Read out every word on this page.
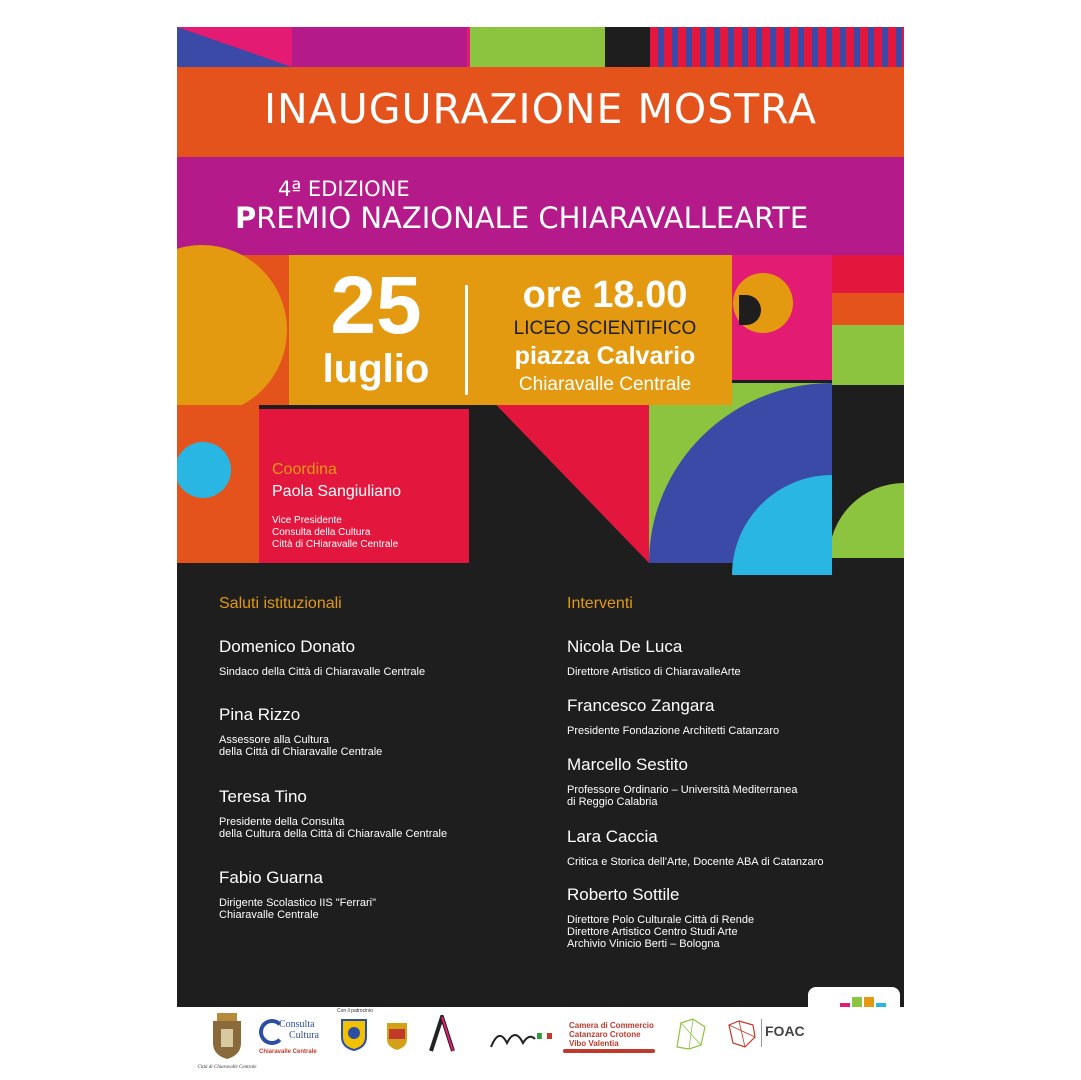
INAUGURAZIONE MOSTRA
4ª EDIZIONE
PREMIO NAZIONALE CHIARAVALLEARTE
25
luglio
ore 18.00
LICEO SCIENTIFICO
piazza Calvario
Chiaravalle Centrale
Coordina
Paola Sangiuliano
Vice Presidente
Consulta della Cultura
Città di CHiaravalle Centrale
Saluti istituzionali
Domenico Donato
Sindaco della Città di Chiaravalle Centrale
Pina Rizzo
Assessore alla Cultura
della Città di Chiaravalle Centrale
Teresa Tino
Presidente della Consulta
della Cultura della Città di Chiaravalle Centrale
Fabio Guarna
Dirigente Scolastico IIS "Ferrari"
Chiaravalle Centrale
Interventi
Nicola De Luca
Direttore Artistico di ChiaravalleArte
Francesco Zangara
Presidente Fondazione Architetti Catanzaro
Marcello Sestito
Professore Ordinario – Università Mediterranea
di Reggio Calabria
Lara Caccia
Critica e Storica dell'Arte, Docente ABA di Catanzaro
Roberto Sottile
Direttore Polo Culturale Città di Rende
Direttore Artistico Centro Studi Arte
Archivio Vinicio Berti – Bologna
Città di Chiaravalle Centrale
Consulta
Cultura
Chiaravalle Centrale
Con il patrocinio
Camera di Commercio
Catanzaro Crotone
Vibo Valentia
FOAC
